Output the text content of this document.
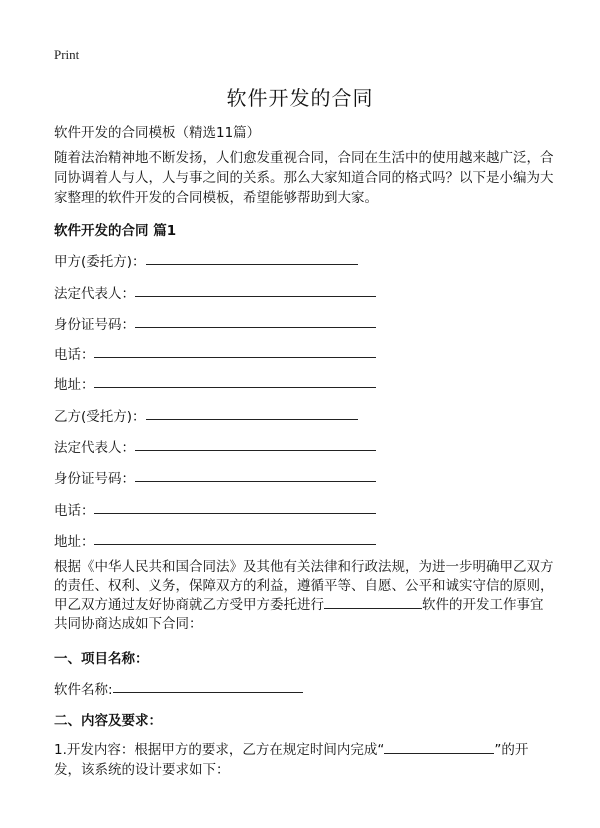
Print
软件开发的合同
软件开发的合同模板（精选11篇）

随着法治精神地不断发扬，人们愈发重视合同，合同在生活中的使用越来越广泛，合同协调着人与人，人与事之间的关系。那么大家知道合同的格式吗？以下是小编为大家整理的软件开发的合同模板，希望能够帮助到大家。

软件开发的合同 篇1
甲方(委托方)：
法定代表人：
身份证号码：
电话：
地址：
乙方(受托方)：
法定代表人：
身份证号码：
电话：
地址：

根据《中华人民共和国合同法》及其他有关法律和行政法规，为进一步明确甲乙双方的责任、权利、义务，保障双方的利益，遵循平等、自愿、公平和诚实守信的原则，甲乙双方通过友好协商就乙方受甲方委托进行	软件的开发工作事宜共同协商达成如下合同：

一、项目名称：
软件名称:
二、内容及要求：

1.开发内容：根据甲方的要求，乙方在规定时间内完成“	”的开发，该系统的设计要求如下：
